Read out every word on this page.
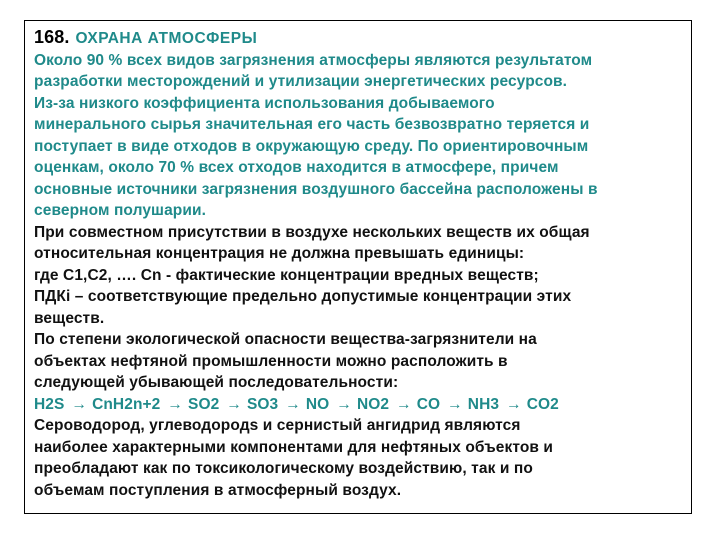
168. ОХРАНА АТМОСФЕРЫ
Около 90 % всех видов загрязнения атмосферы являются результатом
разработки месторождений и утилизации энергетических ресурсов.
Из-за низкого коэффициента использования добываемого
минерального сырья значительная его часть безвозвратно теряется и
поступает в виде отходов в окружающую среду. По ориентировочным
оценкам, около 70 % всех отходов находится в атмосфере, причем
основные источники загрязнения воздушного бассейна расположены в
северном полушарии.
При совместном присутствии в воздухе нескольких веществ их общая
относительная концентрация не должна превышать единицы:
где С1,С2, …. Сn - фактические концентрации вредных веществ;
ПДКi – соответствующие предельно допустимые концентрации этих
веществ.
По степени экологической опасности вещества-загрязнители на
объектах нефтяной промышленности можно расположить в
следующей убывающей последовательности:
H2S → CnH2n+2 → SO2 → SO3 → NO → NO2 → CO → NH3 → CO2
Сероводород, углеводородs и сернистый ангидрид являются
наиболее характерными компонентами для нефтяных объектов и
преобладают как по токсикологическому воздействию, так и по
объемам поступления в атмосферный воздух.
